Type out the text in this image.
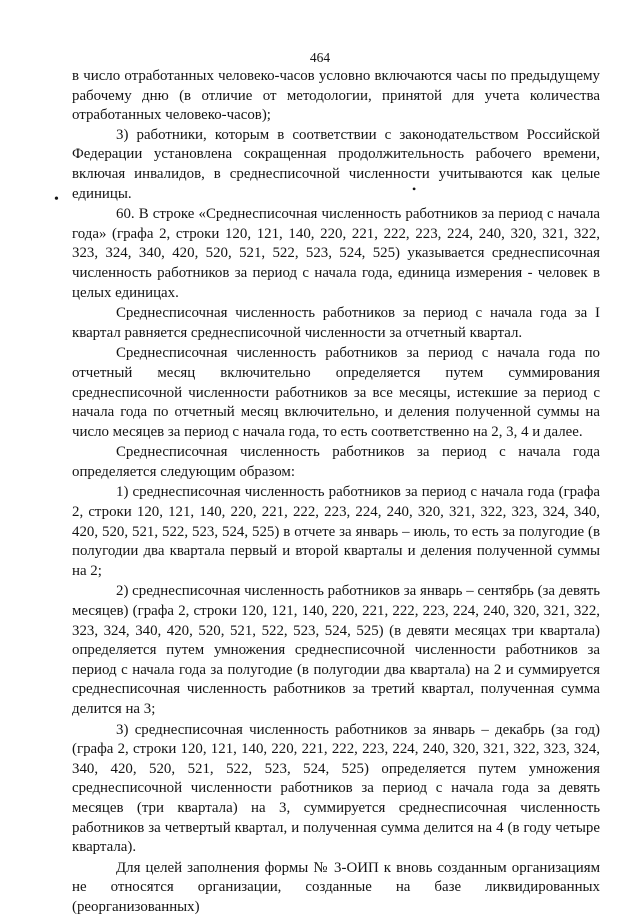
464
•
•

в число отработанных человеко-часов условно включаются часы по предыдущему рабочему дню (в отличие от методологии, принятой для учета количества отработанных человеко-часов);

3) работники, которым в соответствии с законодательством Российской Федерации установлена сокращенная продолжительность рабочего времени, включая инвалидов, в среднесписочной численности учитываются как целые единицы.

60. В строке «Среднесписочная численность работников за период с начала года» (графа 2, строки 120, 121, 140, 220, 221, 222, 223, 224, 240, 320, 321, 322, 323, 324, 340, 420, 520, 521, 522, 523, 524, 525) указывается среднесписочная численность работников за период с начала года, единица измерения - человек в целых единицах.

Среднесписочная численность работников за период с начала года за I квартал равняется среднесписочной численности за отчетный квартал.

Среднесписочная численность работников за период с начала года по отчетный месяц включительно определяется путем суммирования среднесписочной численности работников за все месяцы, истекшие за период с начала года по отчетный месяц включительно, и деления полученной суммы на число месяцев за период с начала года, то есть соответственно на 2, 3, 4 и далее.

Среднесписочная численность работников за период с начала года определяется следующим образом:

1) среднесписочная численность работников за период с начала года (графа 2, строки 120, 121, 140, 220, 221, 222, 223, 224, 240, 320, 321, 322, 323, 324, 340, 420, 520, 521, 522, 523, 524, 525) в отчете за январь – июль, то есть за полугодие (в полугодии два квартала первый и второй кварталы и деления полученной суммы на 2;

2) среднесписочная численность работников за январь – сентябрь (за девять месяцев) (графа 2, строки 120, 121, 140, 220, 221, 222, 223, 224, 240, 320, 321, 322, 323, 324, 340, 420, 520, 521, 522, 523, 524, 525) (в девяти месяцах три квартала) определяется путем умножения среднесписочной численности работников за период с начала года за полугодие (в полугодии два квартала) на 2 и суммируется среднесписочная численность работников за третий квартал, полученная сумма делится на 3;

3) среднесписочная численность работников за январь – декабрь (за год) (графа 2, строки 120, 121, 140, 220, 221, 222, 223, 224, 240, 320, 321, 322, 323, 324, 340, 420, 520, 521, 522, 523, 524, 525) определяется путем умножения среднесписочной численности работников за период с начала года за девять месяцев (три квартала) на 3, суммируется среднесписочная численность работников за четвертый квартал, и полученная сумма делится на 4 (в году четыре квартала).

Для целей заполнения формы № 3-ОИП к вновь созданным организациям не относятся организации, созданные на базе ликвидированных (реорганизованных)
